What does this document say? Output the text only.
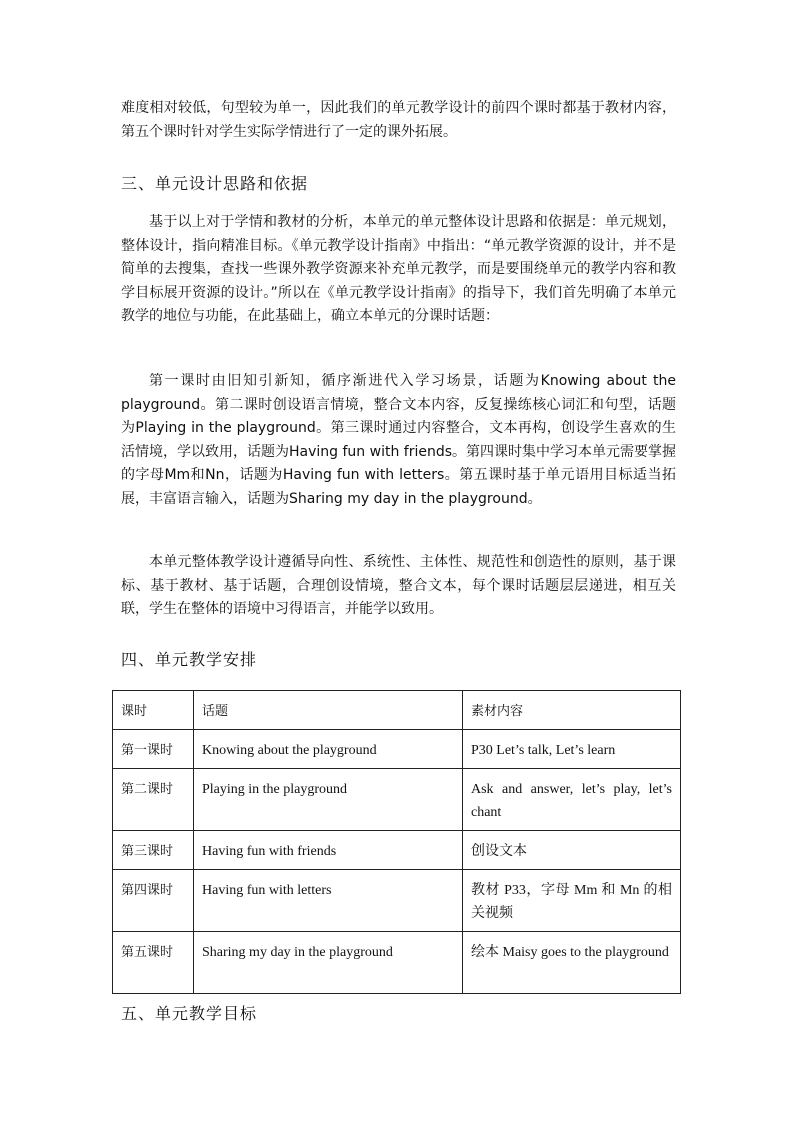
难度相对较低，句型较为单一，因此我们的单元教学设计的前四个课时都基于教材内容，第五个课时针对学生实际学情进行了一定的课外拓展。

三、单元设计思路和依据

基于以上对于学情和教材的分析，本单元的单元整体设计思路和依据是：单元规划，整体设计，指向精准目标。《单元教学设计指南》中指出：“单元教学资源的设计，并不是简单的去搜集，查找一些课外教学资源来补充单元教学，而是要围绕单元的教学内容和教学目标展开资源的设计。”所以在《单元教学设计指南》的指导下，我们首先明确了本单元教学的地位与功能，在此基础上，确立本单元的分课时话题：

第一课时由旧知引新知，循序渐进代入学习场景，话题为Knowing about the playground。第二课时创设语言情境，整合文本内容，反复操练核心词汇和句型，话题为Playing in the playground。第三课时通过内容整合，文本再构，创设学生喜欢的生活情境，学以致用，话题为Having fun with friends。第四课时集中学习本单元需要掌握的字母Mm和Nn，话题为Having fun with letters。第五课时基于单元语用目标适当拓展，丰富语言输入，话题为Sharing my day in the playground。

本单元整体教学设计遵循导向性、系统性、主体性、规范性和创造性的原则，基于课标、基于教材、基于话题，合理创设情境，整合文本，每个课时话题层层递进，相互关联，学生在整体的语境中习得语言，并能学以致用。

四、单元教学安排
课时	话题	素材内容
第一课时	Knowing about the playground	P30 Let’s talk, Let’s learn
第二课时	Playing in the playground	Ask and answer, let’s play, let’s chant
第三课时	Having fun with friends	创设文本
第四课时	Having fun with letters	教材 P33，字母 Mm 和 Mn 的相关视频
第五课时	Sharing my day in the playground	绘本 Maisy goes to the playground
五、单元教学目标
